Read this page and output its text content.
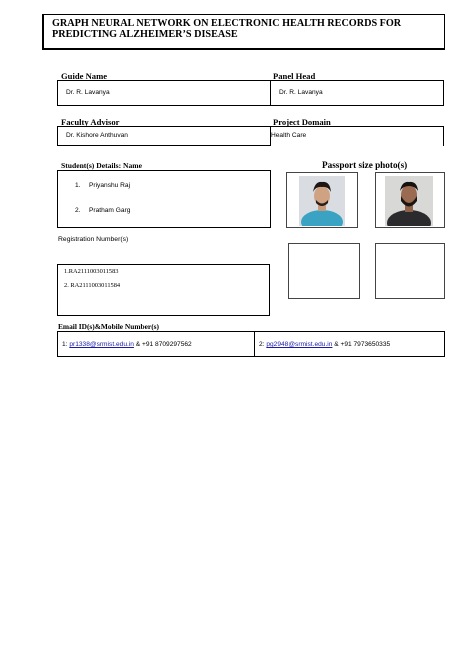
GRAPH NEURAL NETWORK ON ELECTRONIC HEALTH RECORDS FOR
PREDICTING ALZHEIMER’S DISEASE
Guide Name	Panel Head
Dr. R. Lavanya	Dr. R. Lavanya
Faculty Advisor	Project Domain
Dr. Kishore Anthuvan	Health Care
Student(s) Details: Name
1. Priyanshu Raj
2. Pratham Garg
Passport size photo(s)
Registration Number(s)
1.RA2111003011583
2. RA2111003011584
Email ID(s)&Mobile Number(s)
1: pr1338@srmist.edu.in & +91 8709297562	2: pg2948@srmist.edu.in & +91 7973650335
